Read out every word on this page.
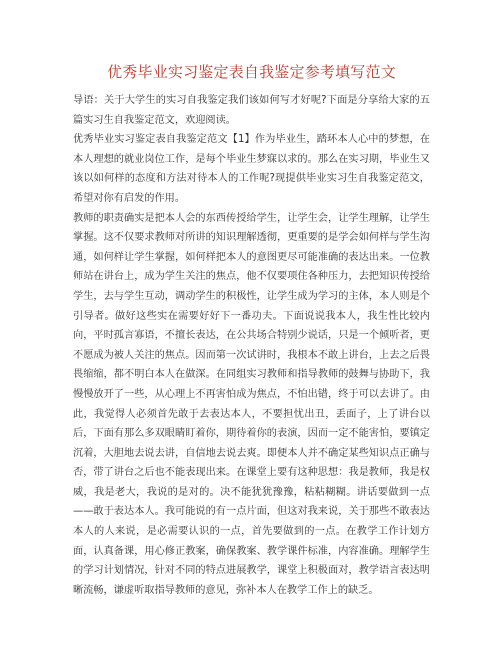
优秀毕业实习鉴定表自我鉴定参考填写范文

导语：关于大学生的实习自我鉴定我们该如何写才好呢?下面是分享给大家的五篇实习生自我鉴定范文，欢迎阅读。

优秀毕业实习鉴定表自我鉴定范文【1】作为毕业生，踏环本人心中的梦想，在本人理想的就业岗位工作，是每个毕业生梦寐以求的。那么在实习期，毕业生又该以如何样的态度和方法对待本人的工作呢?现提供毕业实习生自我鉴定范文，希望对你有启发的作用。

教师的职责确实是把本人会的东西传授给学生，让学生会，让学生理解，让学生掌握。这不仅要求教师对所讲的知识理解透彻，更重要的是学会如何样与学生沟通，如何样让学生掌握，如何样把本人的意图更尽可能准确的表达出来。一位教师站在讲台上，成为学生关注的焦点，他不仅要项住各种压力，去把知识传授给学生，去与学生互动，调动学生的积极性，让学生成为学习的主体，本人则是个引导者。做好这些实在需要好好下一番功夫。下面说说我本人，我生性比较内向，平时孤言寡语，不擅长表达，在公共场合特别少说话，只是一个倾听者，更不愿成为被人关注的焦点。因而第一次试讲时，我根本不敢上讲台，上去之后畏畏缩缩，都不明白本人在做深。在同组实习教师和指导教师的鼓舞与协助下，我慢慢放开了一些，从心理上不再害怕成为焦点，不怕出错，终于可以去讲了。由此，我觉得人必须首先敢于去表达本人，不要担忧出丑，丢面子，上了讲台以后，下面有那么多双眼睛盯着你，期待着你的表演，因而一定不能害怕，要镇定沉着，大胆地去说去讲，自信地去说去爽。即便本人并不确定某些知识点正确与否，带了讲台之后也不能表现出来。在课堂上要有这种思想：我是教师，我是权威，我是老大，我说的是对的。决不能犹犹豫豫，粘粘糊糊。讲话要做到一点——敢于表达本人。我可能说的有一点片面，但这对我来说，关于那些不敢表达本人的人来说，是必需要认识的一点，首先要做到的一点。在教学工作计划方面，认真备课，用心修正教案，确保教案、教学课件标准，内容准确。理解学生的学习计划情况，针对不同的特点进展教学，课堂上积极面对，教学语言表达明晰流畅，谦虚听取指导教师的意见，弥补本人在教学工作上的缺乏。
